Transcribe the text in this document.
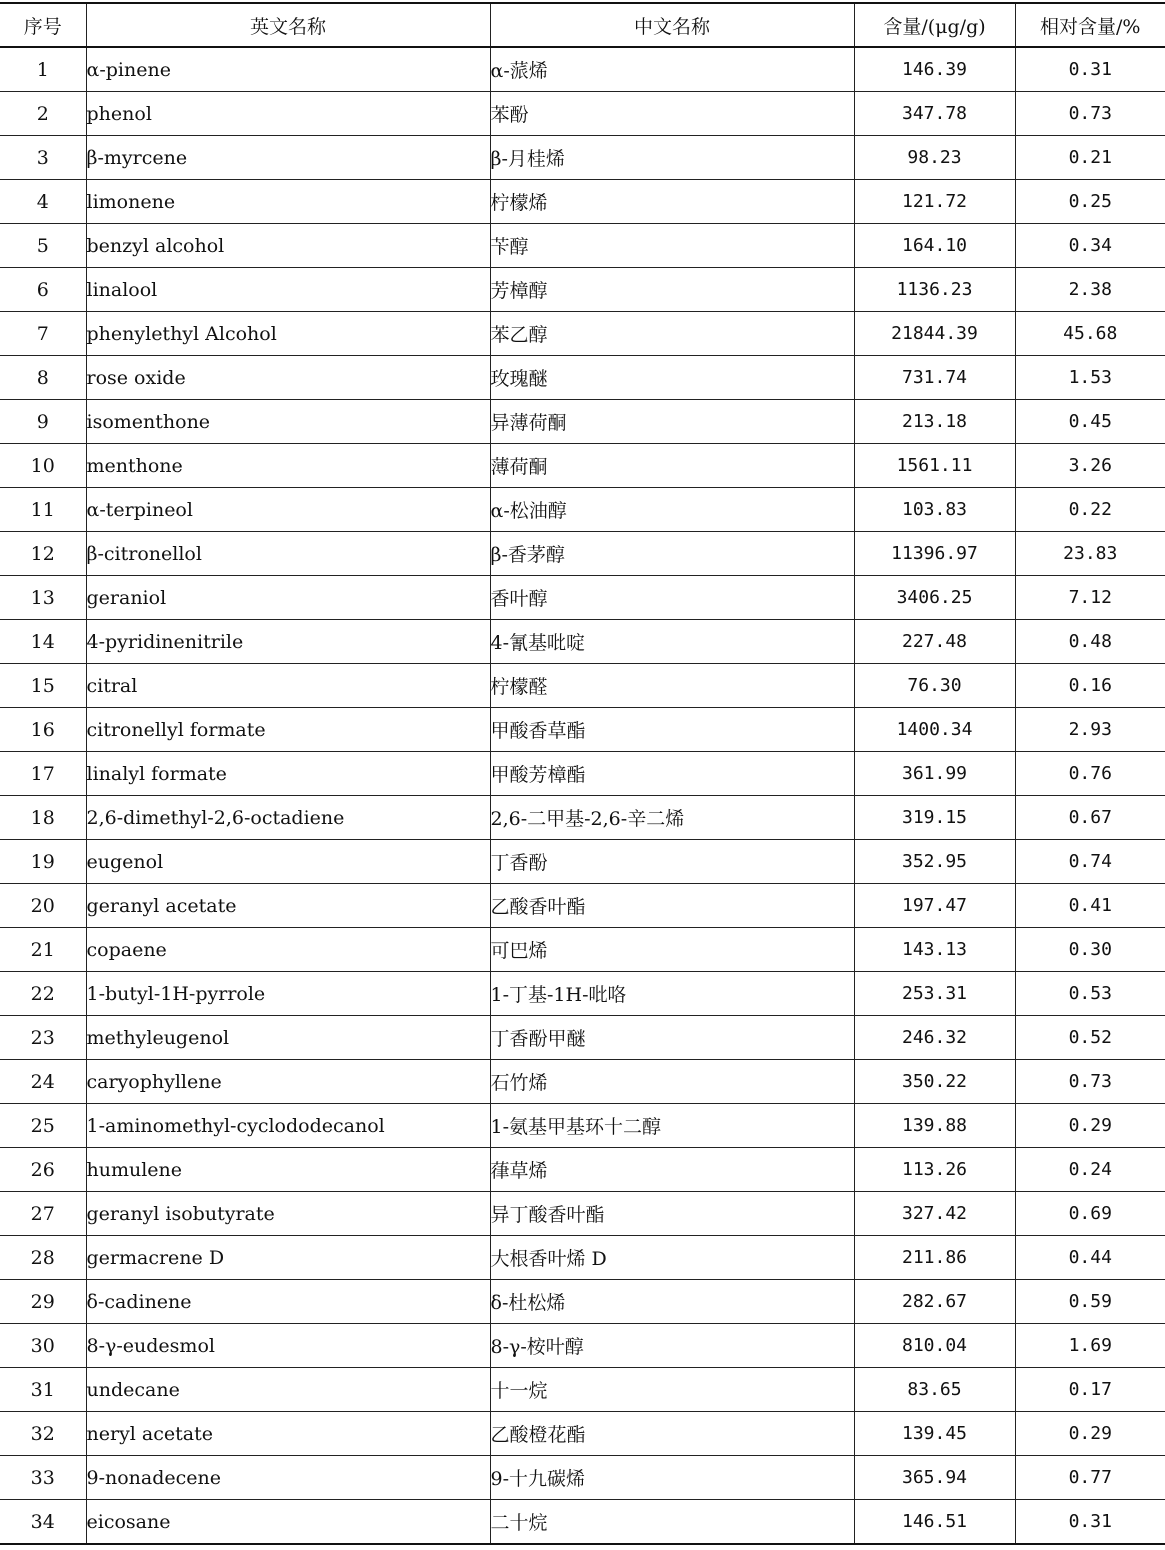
序号	英文名称	中文名称	含量/(μg/g)	相对含量/%
1	α-pinene	α-蒎烯	146.39	0.31
2	phenol	苯酚	347.78	0.73
3	β-myrcene	β-月桂烯	98.23	0.21
4	limonene	柠檬烯	121.72	0.25
5	benzyl alcohol	苄醇	164.10	0.34
6	linalool	芳樟醇	1136.23	2.38
7	phenylethyl Alcohol	苯乙醇	21844.39	45.68
8	rose oxide	玫瑰醚	731.74	1.53
9	isomenthone	异薄荷酮	213.18	0.45
10	menthone	薄荷酮	1561.11	3.26
11	α-terpineol	α-松油醇	103.83	0.22
12	β-citronellol	β-香茅醇	11396.97	23.83
13	geraniol	香叶醇	3406.25	7.12
14	4-pyridinenitrile	4-氰基吡啶	227.48	0.48
15	citral	柠檬醛	76.30	0.16
16	citronellyl formate	甲酸香草酯	1400.34	2.93
17	linalyl formate	甲酸芳樟酯	361.99	0.76
18	2,6-dimethyl-2,6-octadiene	2,6-二甲基-2,6-辛二烯	319.15	0.67
19	eugenol	丁香酚	352.95	0.74
20	geranyl acetate	乙酸香叶酯	197.47	0.41
21	copaene	可巴烯	143.13	0.30
22	1-butyl-1H-pyrrole	1-丁基-1H-吡咯	253.31	0.53
23	methyleugenol	丁香酚甲醚	246.32	0.52
24	caryophyllene	石竹烯	350.22	0.73
25	1-aminomethyl-cyclododecanol	1-氨基甲基环十二醇	139.88	0.29
26	humulene	葎草烯	113.26	0.24
27	geranyl isobutyrate	异丁酸香叶酯	327.42	0.69
28	germacrene D	大根香叶烯 D	211.86	0.44
29	δ-cadinene	δ-杜松烯	282.67	0.59
30	8-γ-eudesmol	8-γ-桉叶醇	810.04	1.69
31	undecane	十一烷	83.65	0.17
32	neryl acetate	乙酸橙花酯	139.45	0.29
33	9-nonadecene	9-十九碳烯	365.94	0.77
34	eicosane	二十烷	146.51	0.31
